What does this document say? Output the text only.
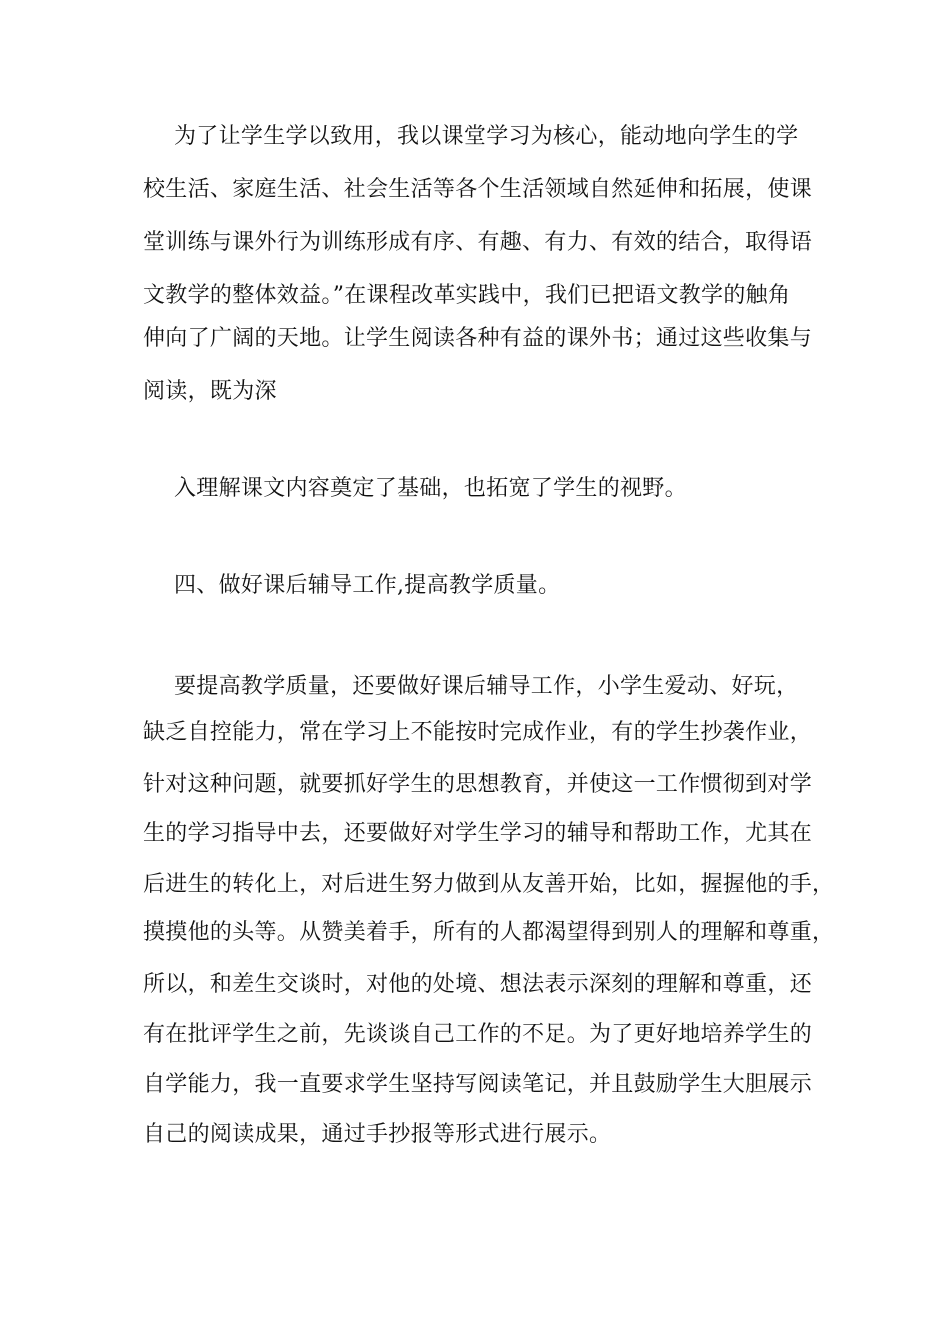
为了让学生学以致用，我以课堂学习为核心，能动地向学生的学
校生活、家庭生活、社会生活等各个生活领域自然延伸和拓展，使课
堂训练与课外行为训练形成有序、有趣、有力、有效的结合，取得语
文教学的整体效益。”在课程改革实践中，我们已把语文教学的触角
伸向了广阔的天地。让学生阅读各种有益的课外书；通过这些收集与
阅读，既为深
入理解课文内容奠定了基础，也拓宽了学生的视野。
四、做好课后辅导工作,提高教学质量。
要提高教学质量，还要做好课后辅导工作，小学生爱动、好玩，
缺乏自控能力，常在学习上不能按时完成作业，有的学生抄袭作业，
针对这种问题，就要抓好学生的思想教育，并使这一工作惯彻到对学
生的学习指导中去，还要做好对学生学习的辅导和帮助工作，尤其在
后进生的转化上，对后进生努力做到从友善开始，比如，握握他的手，
摸摸他的头等。从赞美着手，所有的人都渴望得到别人的理解和尊重，
所以，和差生交谈时，对他的处境、想法表示深刻的理解和尊重，还
有在批评学生之前，先谈谈自己工作的不足。为了更好地培养学生的
自学能力，我一直要求学生坚持写阅读笔记，并且鼓励学生大胆展示
自己的阅读成果，通过手抄报等形式进行展示。
